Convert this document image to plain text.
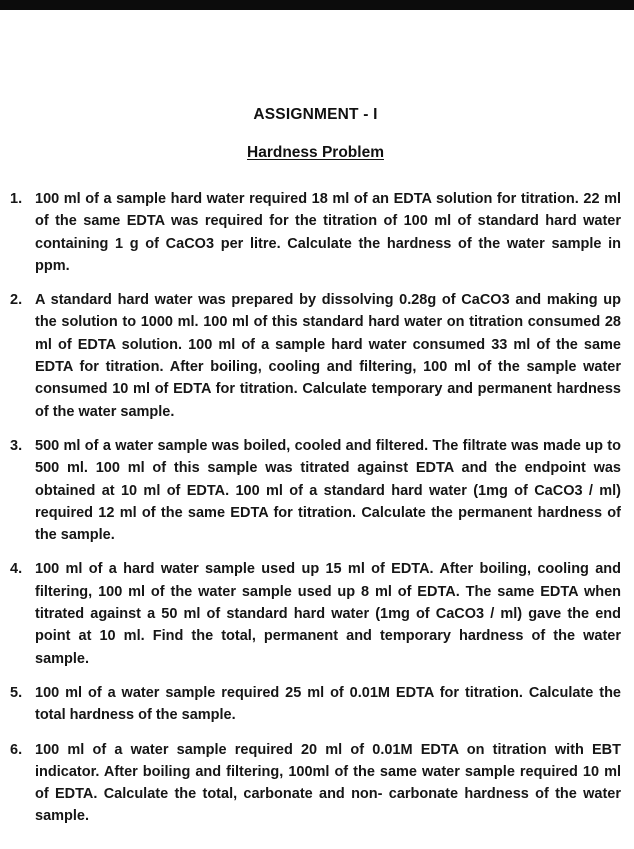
ASSIGNMENT - I
Hardness Problem
1. 100 ml of a sample hard water required 18 ml of an EDTA solution for titration. 22 ml of the same EDTA was required for the titration of 100 ml of standard hard water containing 1 g of CaCO3 per litre. Calculate the hardness of the water sample in ppm.
2. A standard hard water was prepared by dissolving 0.28g of CaCO3 and making up the solution to 1000 ml. 100 ml of this standard hard water on titration consumed 28 ml of EDTA solution. 100 ml of a sample hard water consumed 33 ml of the same EDTA for titration. After boiling, cooling and filtering, 100 ml of the sample water consumed 10 ml of EDTA for titration. Calculate temporary and permanent hardness of the water sample.
3. 500 ml of a water sample was boiled, cooled and filtered. The filtrate was made up to 500 ml. 100 ml of this sample was titrated against EDTA and the endpoint was obtained at 10 ml of EDTA. 100 ml of a standard hard water (1mg of CaCO3 / ml) required 12 ml of the same EDTA for titration. Calculate the permanent hardness of the sample.
4. 100 ml of a hard water sample used up 15 ml of EDTA. After boiling, cooling and filtering, 100 ml of the water sample used up 8 ml of EDTA. The same EDTA when titrated against a 50 ml of standard hard water (1mg of CaCO3 / ml) gave the end point at 10 ml. Find the total, permanent and temporary hardness of the water sample.
5. 100 ml of a water sample required 25 ml of 0.01M EDTA for titration. Calculate the total hardness of the sample.
6. 100 ml of a water sample required 20 ml of 0.01M EDTA on titration with EBT indicator. After boiling and filtering, 100ml of the same water sample required 10 ml of EDTA. Calculate the total, carbonate and non- carbonate hardness of the water sample.
